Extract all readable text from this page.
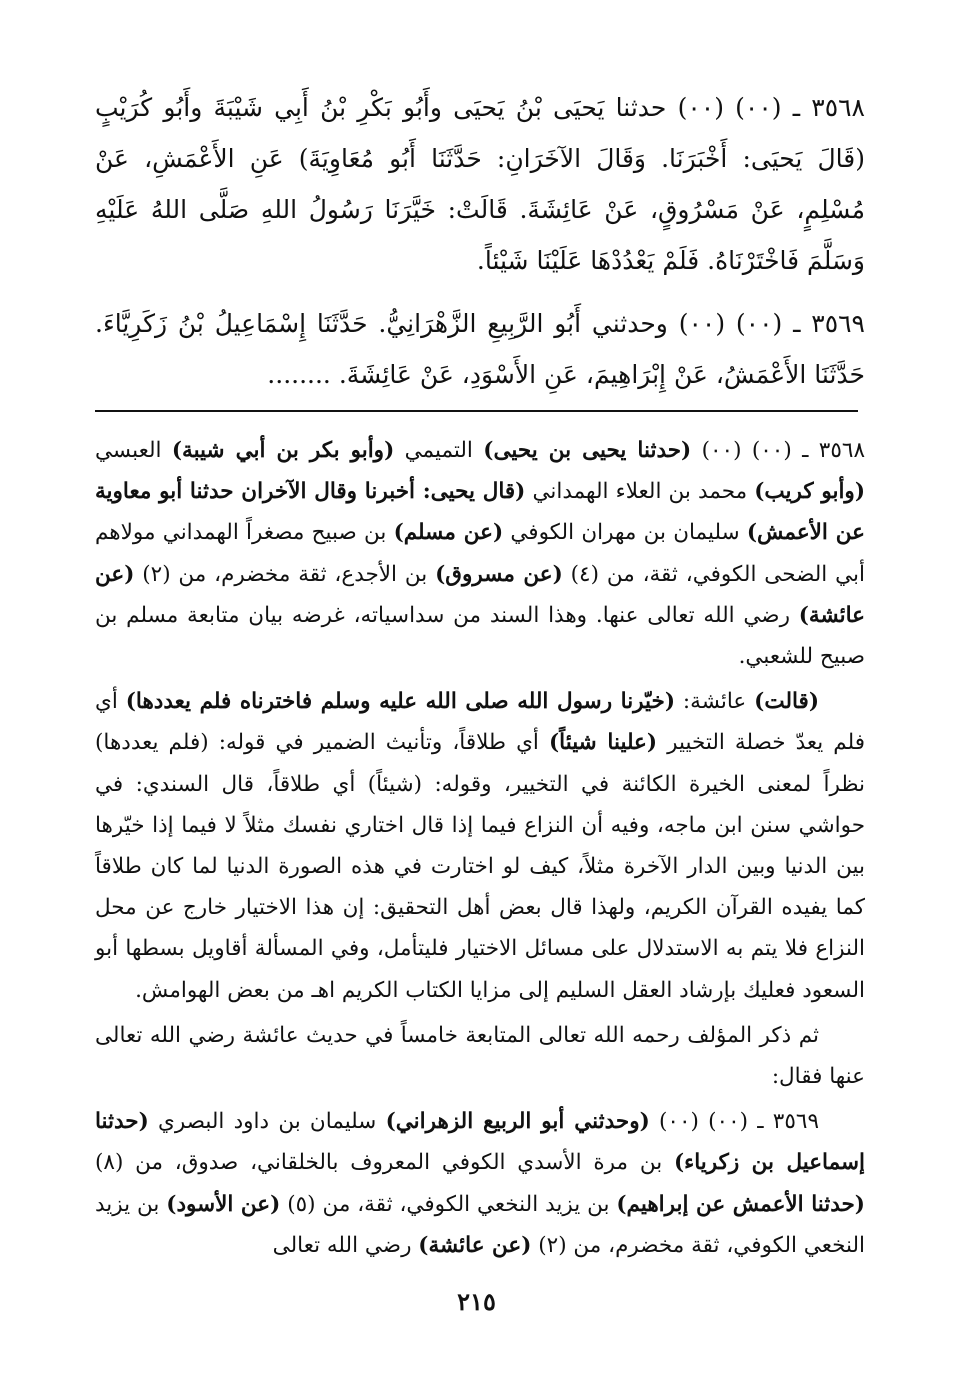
٣٥٦٨ ـ (٠٠) (٠٠) حدثنا يَحيَى بْنُ يَحيَى وأَبُو بَكْرِ بْنُ أَبِي شَيْبَةَ وأَبُو كُرَيْبٍ (قَالَ يَحيَى: أَخْبَرَنَا. وَقَالَ الآخَرَانِ: حَدَّثَنَا أَبُو مُعَاوِيَةَ) عَنِ الأَعْمَشِ، عَنْ مُسْلِمٍ، عَنْ مَسْرُوقٍ، عَنْ عَائِشَةَ. قَالَتْ: خَيَّرَنَا رَسُولُ اللهِ صَلَّى اللهُ عَلَيْهِ وَسَلَّمَ فَاخْتَرْنَاهُ. فَلَمْ يَعْدُدْهَا عَلَيْنَا شَيْئاً.

٣٥٦٩ ـ (٠٠) (٠٠) وحدثني أَبُو الرَّبِيعِ الزَّهْرَانِيُّ. حَدَّثَنَا إِسْمَاعِيلُ بْنُ زَكَرِيَّاءَ. حَدَّثَنَا الأَعْمَشُ، عَنْ إِبْرَاهِيمَ، عَنِ الأَسْوَدِ، عَنْ عَائِشَةَ. ........

٣٥٦٨ ـ (٠٠) (٠٠) (حدثنا يحيى بن يحيى) التميمي (وأبو بكر بن أبي شيبة) العبسي (وأبو كريب) محمد بن العلاء الهمداني (قال يحيى: أخبرنا وقال الآخران حدثنا أبو معاوية عن الأعمش) سليمان بن مهران الكوفي (عن مسلم) بن صبيح مصغراً الهمداني مولاهم أبي الضحى الكوفي، ثقة، من (٤) (عن مسروق) بن الأجدع، ثقة مخضرم، من (٢) (عن عائشة) رضي الله تعالى عنها. وهذا السند من سداسياته، غرضه بيان متابعة مسلم بن صبيح للشعبي.

(قالت) عائشة: (خيّرنا رسول الله صلى الله عليه وسلم فاخترناه فلم يعددها) أي فلم يعدّ خصلة التخيير (علينا شيئاً) أي طلاقاً، وتأنيث الضمير في قوله: (فلم يعددها) نظراً لمعنى الخيرة الكائنة في التخيير، وقوله: (شيئاً) أي طلاقاً، قال السندي: في حواشي سنن ابن ماجه، وفيه أن النزاع فيما إذا قال اختاري نفسك مثلاً لا فيما إذا خيّرها بين الدنيا وبين الدار الآخرة مثلاً، كيف لو اختارت في هذه الصورة الدنيا لما كان طلاقاً كما يفيده القرآن الكريم، ولهذا قال بعض أهل التحقيق: إن هذا الاختيار خارج عن محل النزاع فلا يتم به الاستدلال على مسائل الاختيار فليتأمل، وفي المسألة أقاويل بسطها أبو السعود فعليك بإرشاد العقل السليم إلى مزايا الكتاب الكريم اهـ من بعض الهوامش.

ثم ذكر المؤلف رحمه الله تعالى المتابعة خامساً في حديث عائشة رضي الله تعالى عنها فقال:

٣٥٦٩ ـ (٠٠) (٠٠) (وحدثني أبو الربيع الزهراني) سليمان بن داود البصري (حدثنا إسماعيل بن زكرياء) بن مرة الأسدي الكوفي المعروف بالخلقاني، صدوق، من (٨) (حدثنا الأعمش عن إبراهيم) بن يزيد النخعي الكوفي، ثقة، من (٥) (عن الأسود) بن يزيد النخعي الكوفي، ثقة مخضرم، من (٢) (عن عائشة) رضي الله تعالى

٢١٥
